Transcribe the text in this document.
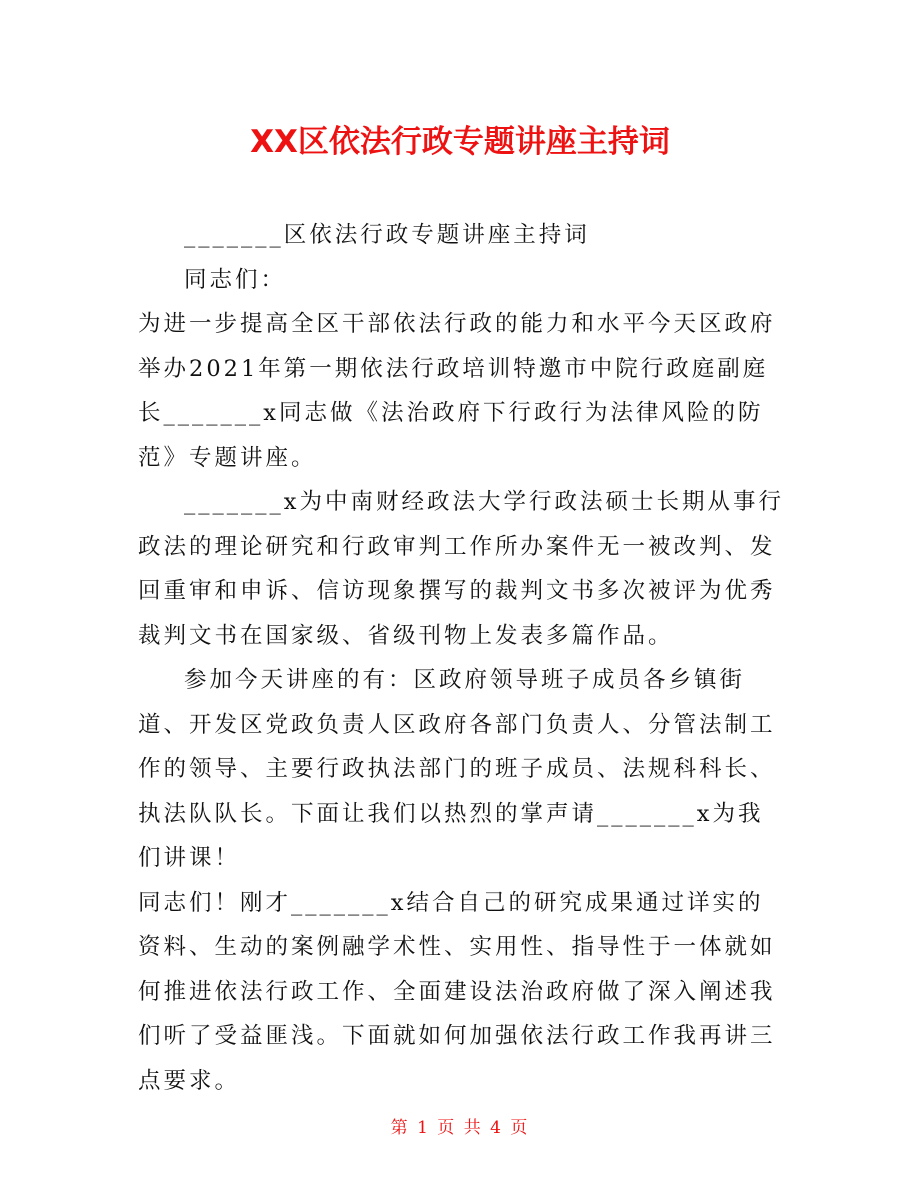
XX区依法行政专题讲座主持词

_______区依法行政专题讲座主持词

同志们：

为进一步提高全区干部依法行政的能力和水平今天区政府举办2021年第一期依法行政培训特邀市中院行政庭副庭长_______x同志做《法治政府下行政行为法律风险的防范》专题讲座。

_______x为中南财经政法大学行政法硕士长期从事行政法的理论研究和行政审判工作所办案件无一被改判、发回重审和申诉、信访现象撰写的裁判文书多次被评为优秀裁判文书在国家级、省级刊物上发表多篇作品。

参加今天讲座的有：区政府领导班子成员各乡镇街道、开发区党政负责人区政府各部门负责人、分管法制工作的领导、主要行政执法部门的班子成员、法规科科长、执法队队长。下面让我们以热烈的掌声请_______x为我们讲课！

同志们！刚才_______x结合自己的研究成果通过详实的资料、生动的案例融学术性、实用性、指导性于一体就如何推进依法行政工作、全面建设法治政府做了深入阐述我们听了受益匪浅。下面就如何加强依法行政工作我再讲三点要求。

第 1 页 共 4 页
